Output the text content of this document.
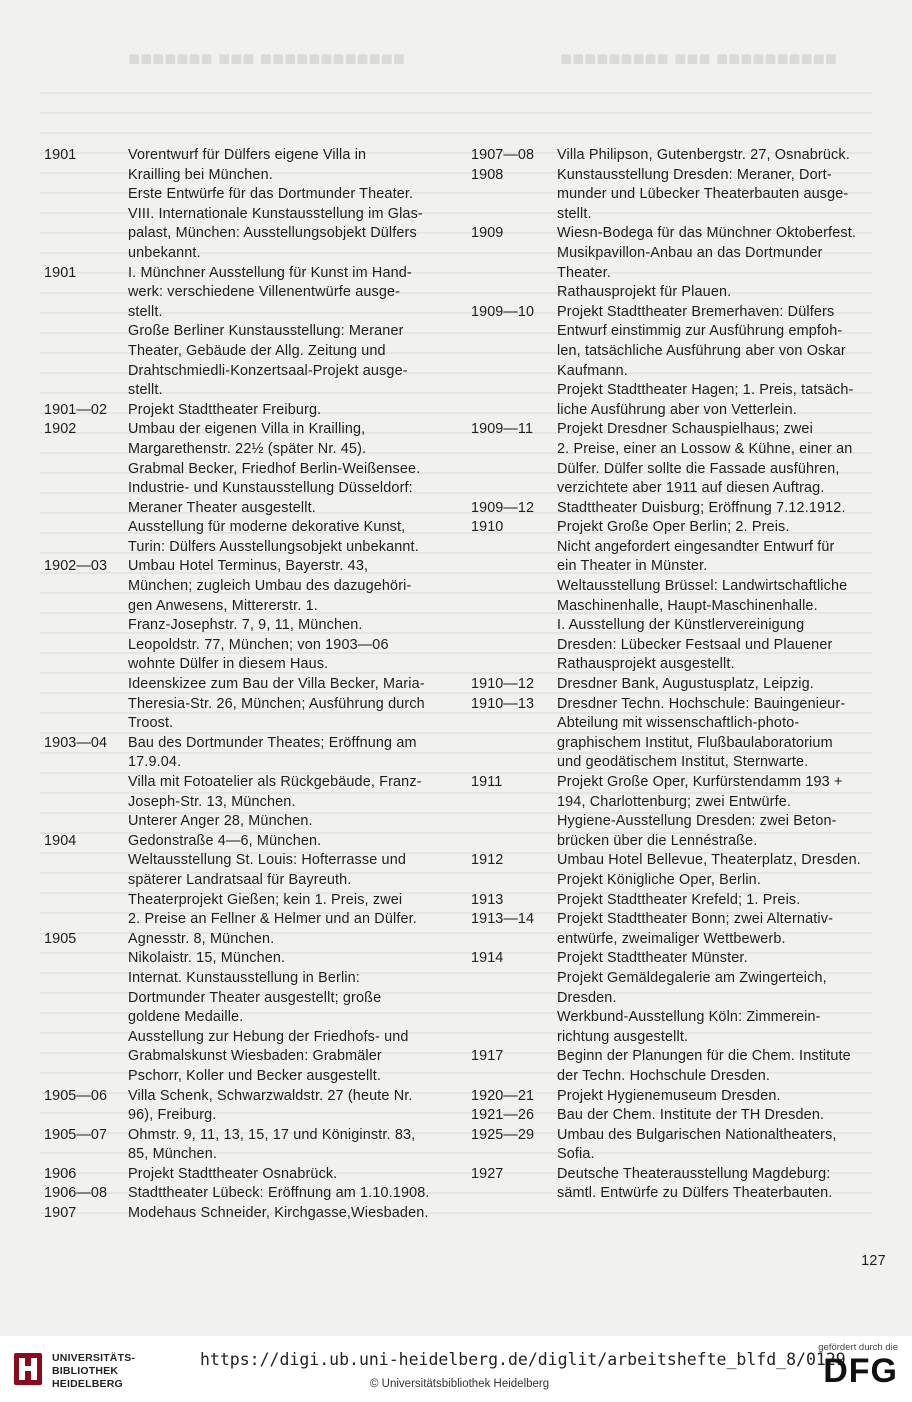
■■■■■■■ ■■■ ■■■■■■■■■■■■	■■■■■■■■■ ■■■ ■■■■■■■■■■
1901	Vorentwurf für Dülfers eigene Villa in
Krailling bei München.
Erste Entwürfe für das Dortmunder Theater.
VIII. Internationale Kunstausstellung im Glas-
palast, München: Ausstellungsobjekt Dülfers
unbekannt.
1901	I. Münchner Ausstellung für Kunst im Hand-
werk: verschiedene Villenentwürfe ausge-
stellt.
Große Berliner Kunstausstellung: Meraner
Theater, Gebäude der Allg. Zeitung und
Drahtschmiedli-Konzertsaal-Projekt ausge-
stellt.
1901—02	Projekt Stadttheater Freiburg.
1902	Umbau der eigenen Villa in Krailling,
Margarethenstr. 22½ (später Nr. 45).
Grabmal Becker, Friedhof Berlin-Weißensee.
Industrie- und Kunstausstellung Düsseldorf:
Meraner Theater ausgestellt.
Ausstellung für moderne dekorative Kunst,
Turin: Dülfers Ausstellungsobjekt unbekannt.
1902—03	Umbau Hotel Terminus, Bayerstr. 43,
München; zugleich Umbau des dazugehöri-
gen Anwesens, Mittererstr. 1.
Franz-Josephstr. 7, 9, 11, München.
Leopoldstr. 77, München; von 1903—06
wohnte Dülfer in diesem Haus.
Ideenskizee zum Bau der Villa Becker, Maria-
Theresia-Str. 26, München; Ausführung durch
Troost.
1903—04	Bau des Dortmunder Theates; Eröffnung am
17.9.04.
Villa mit Fotoatelier als Rückgebäude, Franz-
Joseph-Str. 13, München.
Unterer Anger 28, München.
1904	Gedonstraße 4—6, München.
Weltausstellung St. Louis: Hofterrasse und
späterer Landratsaal für Bayreuth.
Theaterprojekt Gießen; kein 1. Preis, zwei
2. Preise an Fellner & Helmer und an Dülfer.
1905	Agnesstr. 8, München.
Nikolaistr. 15, München.
Internat. Kunstausstellung in Berlin:
Dortmunder Theater ausgestellt; große
goldene Medaille.
Ausstellung zur Hebung der Friedhofs- und
Grabmalskunst Wiesbaden: Grabmäler
Pschorr, Koller und Becker ausgestellt.
1905—06	Villa Schenk, Schwarzwaldstr. 27 (heute Nr.
96), Freiburg.
1905—07	Ohmstr. 9, 11, 13, 15, 17 und Königinstr. 83,
85, München.
1906	Projekt Stadttheater Osnabrück.
1906—08	Stadttheater Lübeck: Eröffnung am 1.10.1908.
1907	Modehaus Schneider, Kirchgasse,Wiesbaden.
1907—08	Villa Philipson, Gutenbergstr. 27, Osnabrück.
1908	Kunstausstellung Dresden: Meraner, Dort-
munder und Lübecker Theaterbauten ausge-
stellt.
1909	Wiesn-Bodega für das Münchner Oktoberfest.
Musikpavillon-Anbau an das Dortmunder
Theater.
Rathausprojekt für Plauen.
1909—10	Projekt Stadttheater Bremerhaven: Dülfers
Entwurf einstimmig zur Ausführung empfoh-
len, tatsächliche Ausführung aber von Oskar
Kaufmann.
Projekt Stadttheater Hagen; 1. Preis, tatsäch-
liche Ausführung aber von Vetterlein.
1909—11	Projekt Dresdner Schauspielhaus; zwei
2. Preise, einer an Lossow & Kühne, einer an
Dülfer. Dülfer sollte die Fassade ausführen,
verzichtete aber 1911 auf diesen Auftrag.
1909—12	Stadttheater Duisburg; Eröffnung 7.12.1912.
1910	Projekt Große Oper Berlin; 2. Preis.
Nicht angefordert eingesandter Entwurf für
ein Theater in Münster.
Weltausstellung Brüssel: Landwirtschaftliche
Maschinenhalle, Haupt-Maschinenhalle.
I. Ausstellung der Künstlervereinigung
Dresden: Lübecker Festsaal und Plauener
Rathausprojekt ausgestellt.
1910—12	Dresdner Bank, Augustusplatz, Leipzig.
1910—13	Dresdner Techn. Hochschule: Bauingenieur-
Abteilung mit wissenschaftlich-photo-
graphischem Institut, Flußbaulaboratorium
und geodätischem Institut, Sternwarte.
1911	Projekt Große Oper, Kurfürstendamm 193 +
194, Charlottenburg; zwei Entwürfe.
Hygiene-Ausstellung Dresden: zwei Beton-
brücken über die Lennéstraße.
1912	Umbau Hotel Bellevue, Theaterplatz, Dresden.
Projekt Königliche Oper, Berlin.
1913	Projekt Stadttheater Krefeld; 1. Preis.
1913—14	Projekt Stadttheater Bonn; zwei Alternativ-
entwürfe, zweimaliger Wettbewerb.
1914	Projekt Stadttheater Münster.
Projekt Gemäldegalerie am Zwingerteich,
Dresden.
Werkbund-Ausstellung Köln: Zimmerein-
richtung ausgestellt.
1917	Beginn der Planungen für die Chem. Institute
der Techn. Hochschule Dresden.
1920—21	Projekt Hygienemuseum Dresden.
1921—26	Bau der Chem. Institute der TH Dresden.
1925—29	Umbau des Bulgarischen Nationaltheaters,
Sofia.
1927	Deutsche Theaterausstellung Magdeburg:
sämtl. Entwürfe zu Dülfers Theaterbauten.
127
UNIVERSITÄTS-
BIBLIOTHEK
HEIDELBERG
https://digi.ub.uni-heidelberg.de/diglit/arbeitshefte_blfd_8/0129
© Universitätsbibliothek Heidelberg
gefördert durch die
DFG
